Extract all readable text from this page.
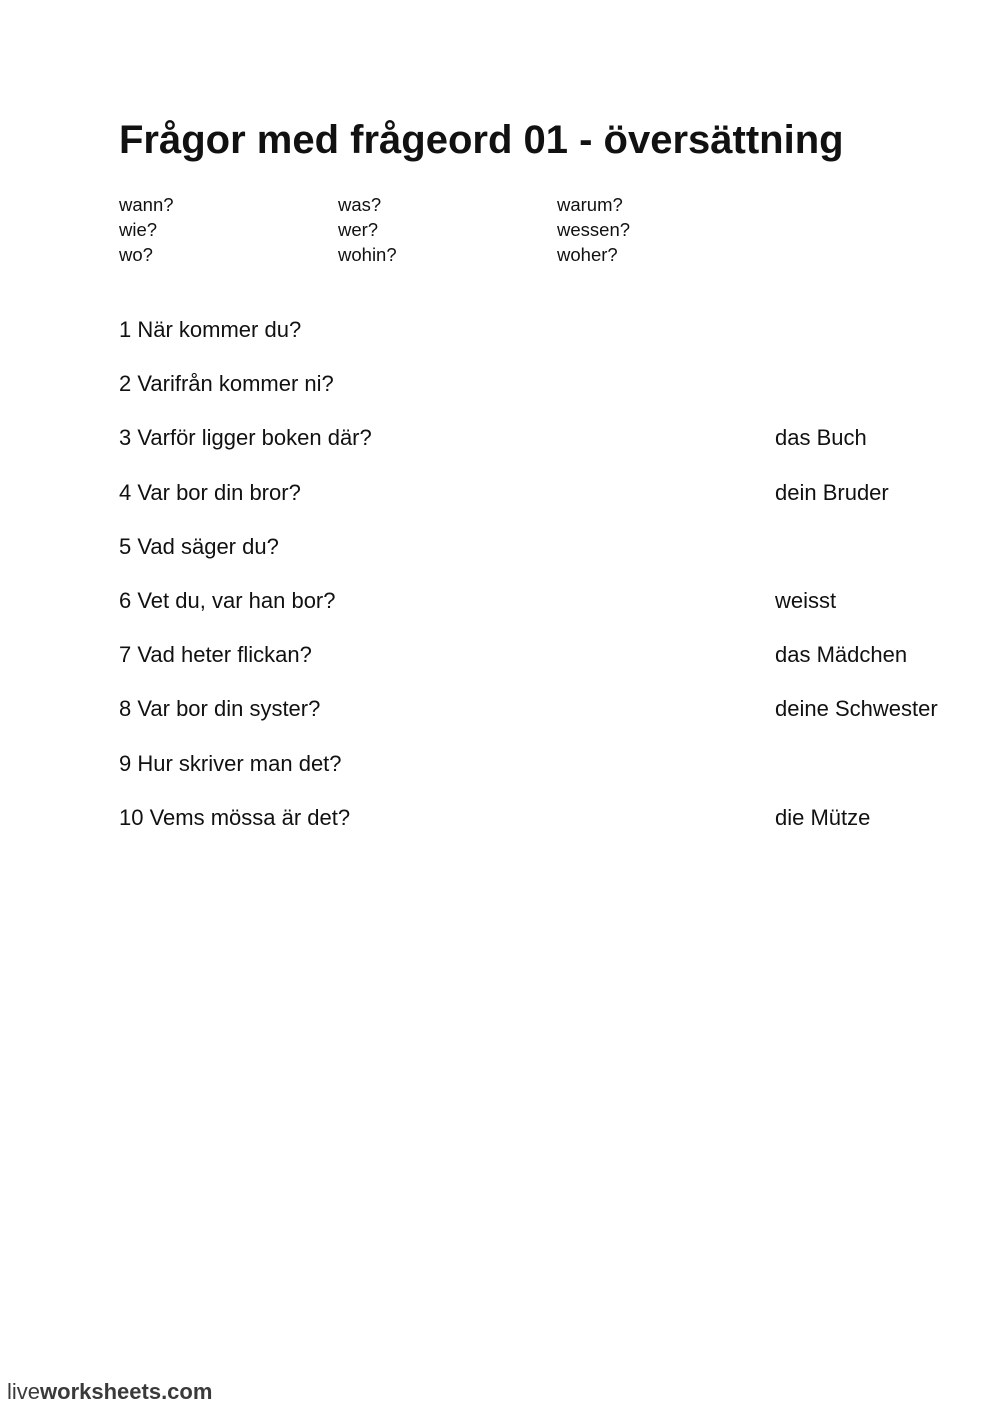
Frågor med frågeord 01 - översättning
wann?	was?	warum?
wie?	wer?	wessen?
wo?	wohin?	woher?
1 När kommer du?
2 Varifrån kommer ni?
3 Varför ligger boken där?	das Buch
4 Var bor din bror?	dein Bruder
5 Vad säger du?
6 Vet du, var han bor?	weisst
7 Vad heter flickan?	das Mädchen
8 Var bor din syster?	deine Schwester
9 Hur skriver man det?
10 Vems mössa är det?	die Mütze
liveworksheets.com
